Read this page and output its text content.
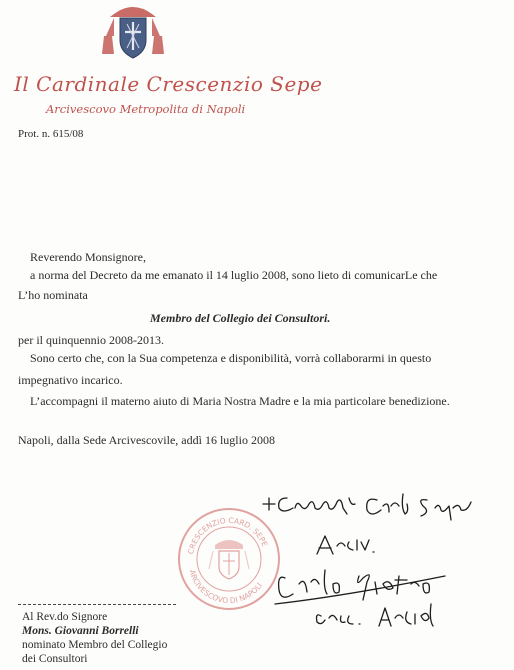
Il Cardinale Crescenzio Sepe
Arcivescovo Metropolita di Napoli
Prot. n. 615/08
Reverendo Monsignore,
a norma del Decreto da me emanato il 14 luglio 2008, sono lieto di comunicarLe che
L’ho nominata
Membro del Collegio dei Consultori.
per il quinquennio 2008-2013.
Sono certo che, con la Sua competenza e disponibilità, vorrà collaborarmi in questo
impegnativo incarico.
L’accompagni il materno aiuto di Maria Nostra Madre e la mia particolare benedizione.
Napoli, dalla Sede Arcivescovile, addì 16 luglio 2008
CRESCENZIO CARD. SEPE
ARCIVESCOVO DI NAPOLI
Al Rev.do Signore
Mons. Giovanni Borrelli
nominato Membro del Collegio
dei Consultori
